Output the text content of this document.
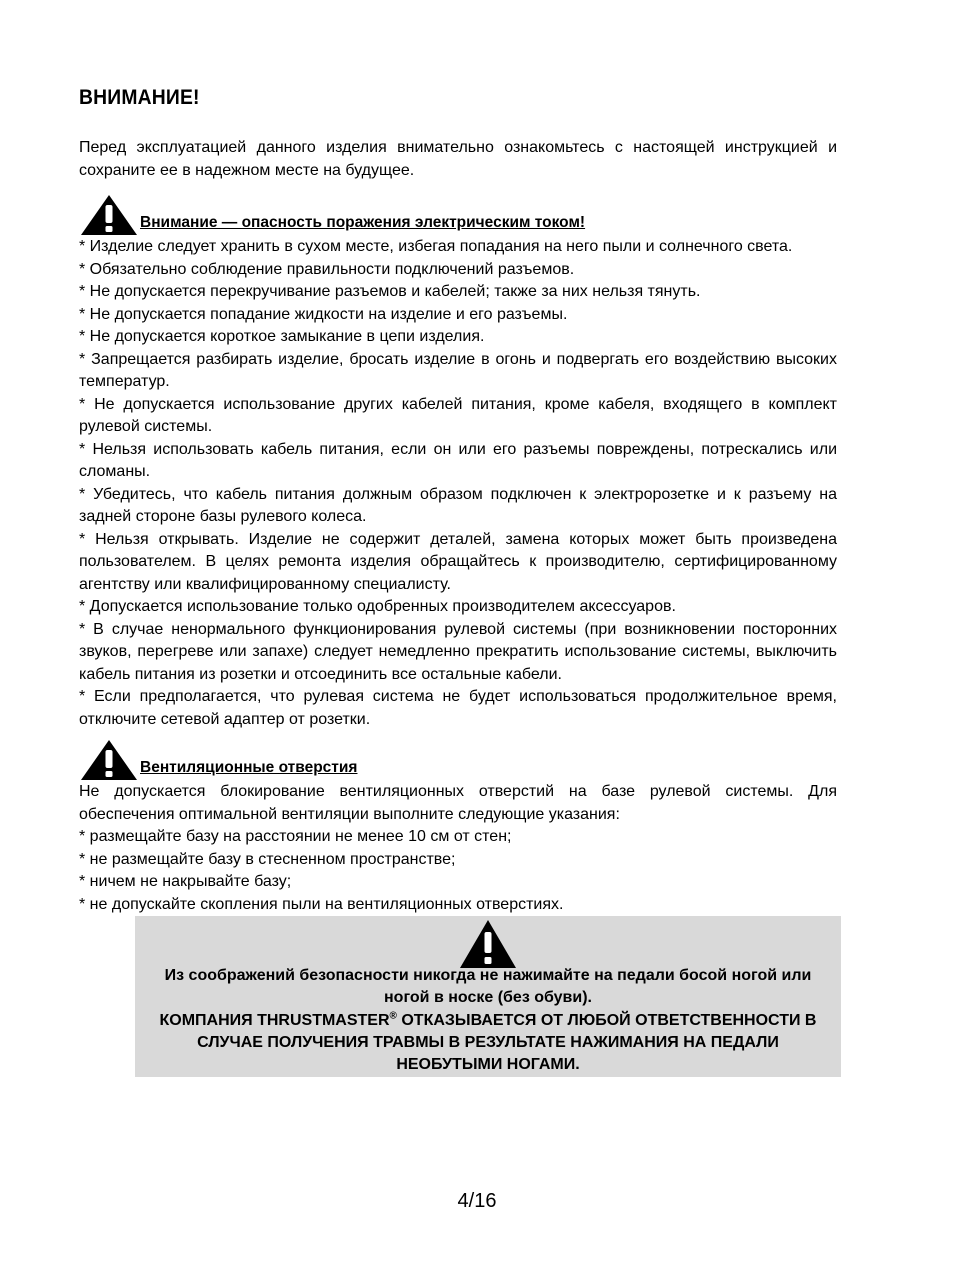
ВНИМАНИЕ!

Перед эксплуатацией данного изделия внимательно ознакомьтесь с настоящей инструкцией и сохраните ее в надежном месте на будущее.

Внимание — опасность поражения электрическим током!

* Изделие следует хранить в сухом месте, избегая попадания на него пыли и солнечного света.

* Обязательно соблюдение правильности подключений разъемов.

* Не допускается перекручивание разъемов и кабелей; также за них нельзя тянуть.

* Не допускается попадание жидкости на изделие и его разъемы.

* Не допускается короткое замыкание в цепи изделия.

* Запрещается разбирать изделие, бросать изделие в огонь и подвергать его воздействию высоких температур.

* Не допускается использование других кабелей питания, кроме кабеля, входящего в комплект рулевой системы.

* Нельзя использовать кабель питания, если он или его разъемы повреждены, потрескались или сломаны.

* Убедитесь, что кабель питания должным образом подключен к электророзетке и к разъему на задней стороне базы рулевого колеса.

* Нельзя открывать. Изделие не содержит деталей, замена которых может быть произведена пользователем. В целях ремонта изделия обращайтесь к производителю, сертифицированному агентству или квалифицированному специалисту.

* Допускается использование только одобренных производителем аксессуаров.

* В случае ненормального функционирования рулевой системы (при возникновении посторонних звуков, перегреве или запахе) следует немедленно прекратить использование системы, выключить кабель питания из розетки и отсоединить все остальные кабели.

* Если предполагается, что рулевая система не будет использоваться продолжительное время, отключите сетевой адаптер от розетки.

Вентиляционные отверстия

Не допускается блокирование вентиляционных отверстий на базе рулевой системы. Для обеспечения оптимальной вентиляции выполните следующие указания:

* размещайте базу на расстоянии не менее 10 см от стен;

* не размещайте базу в стесненном пространстве;

* ничем не накрывайте базу;

* не допускайте скопления пыли на вентиляционных отверстиях.

Из соображений безопасности никогда не нажимайте на педали босой ногой или
ногой в носке (без обуви).
КОМПАНИЯ THRUSTMASTER® ОТКАЗЫВАЕТСЯ ОТ ЛЮБОЙ ОТВЕТСТВЕННОСТИ В
СЛУЧАЕ ПОЛУЧЕНИЯ ТРАВМЫ В РЕЗУЛЬТАТЕ НАЖИМАНИЯ НА ПЕДАЛИ
НЕОБУТЫМИ НОГАМИ.
4/16
